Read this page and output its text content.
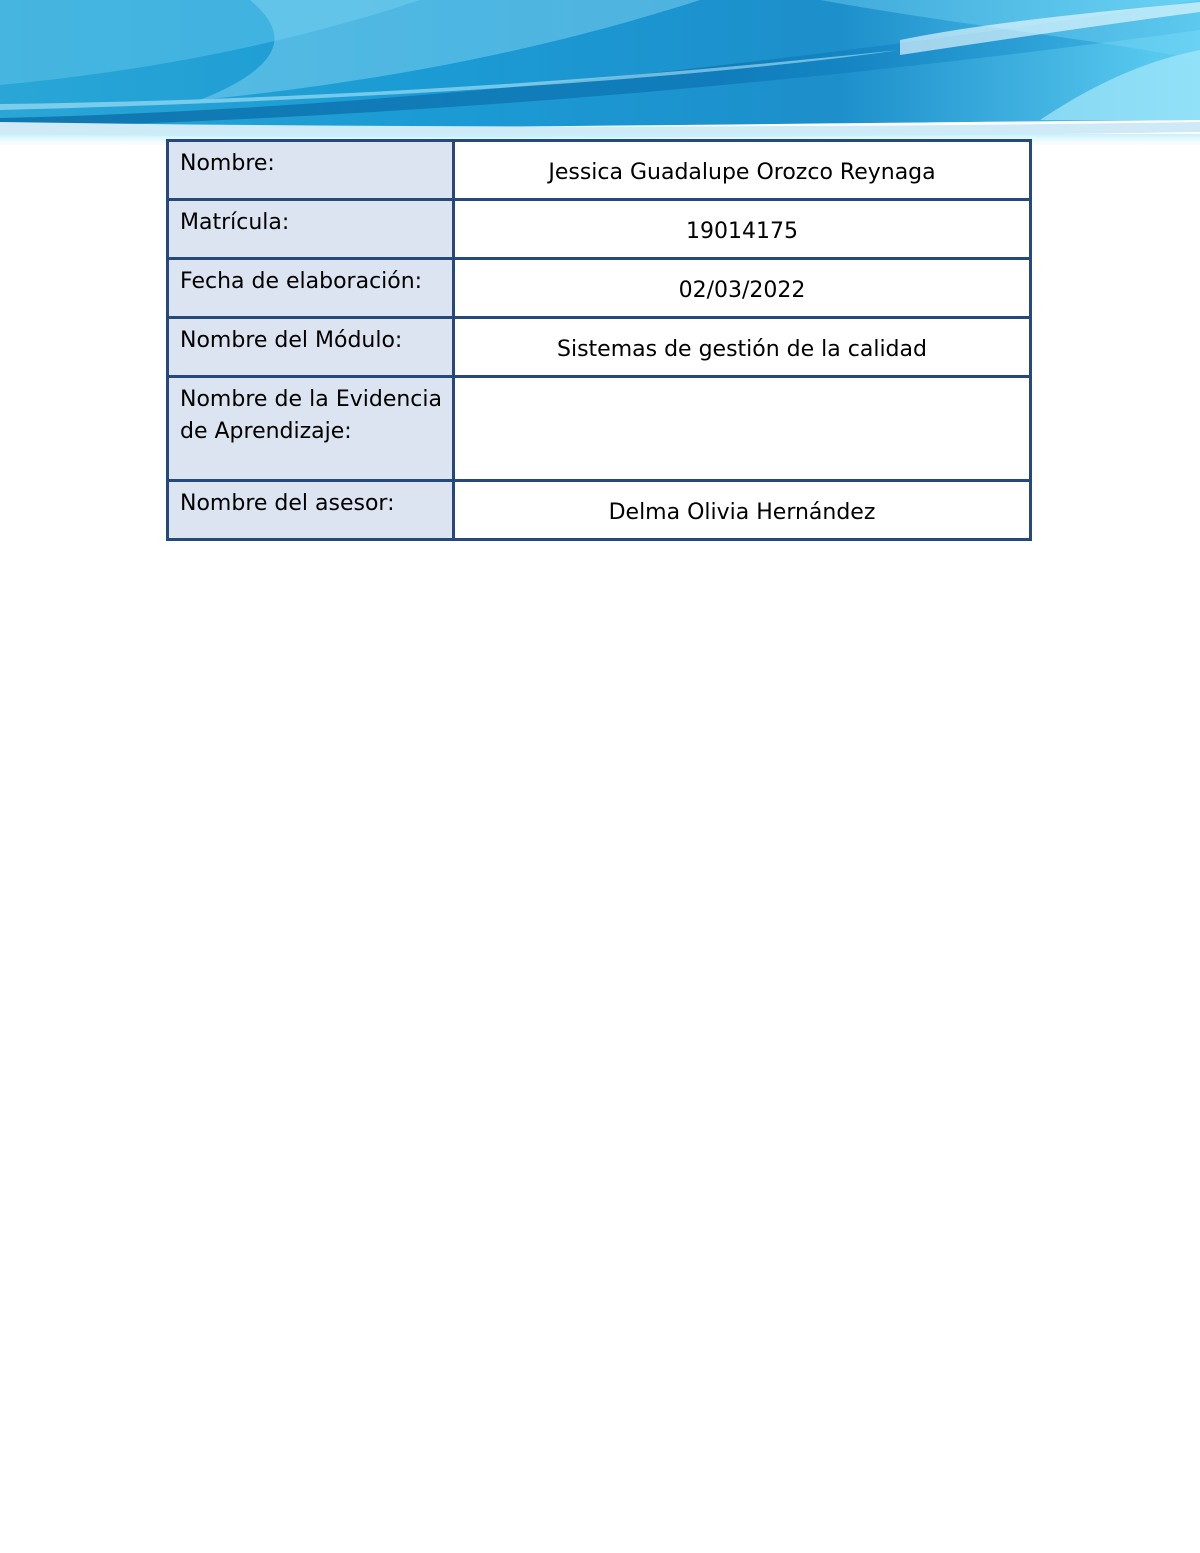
Nombre:	Jessica Guadalupe Orozco Reynaga
Matrícula:	19014175
Fecha de elaboración:	02/03/2022
Nombre del Módulo:	Sistemas de gestión de la calidad
Nombre de la Evidencia de Aprendizaje:	
Nombre del asesor:	Delma Olivia Hernández
